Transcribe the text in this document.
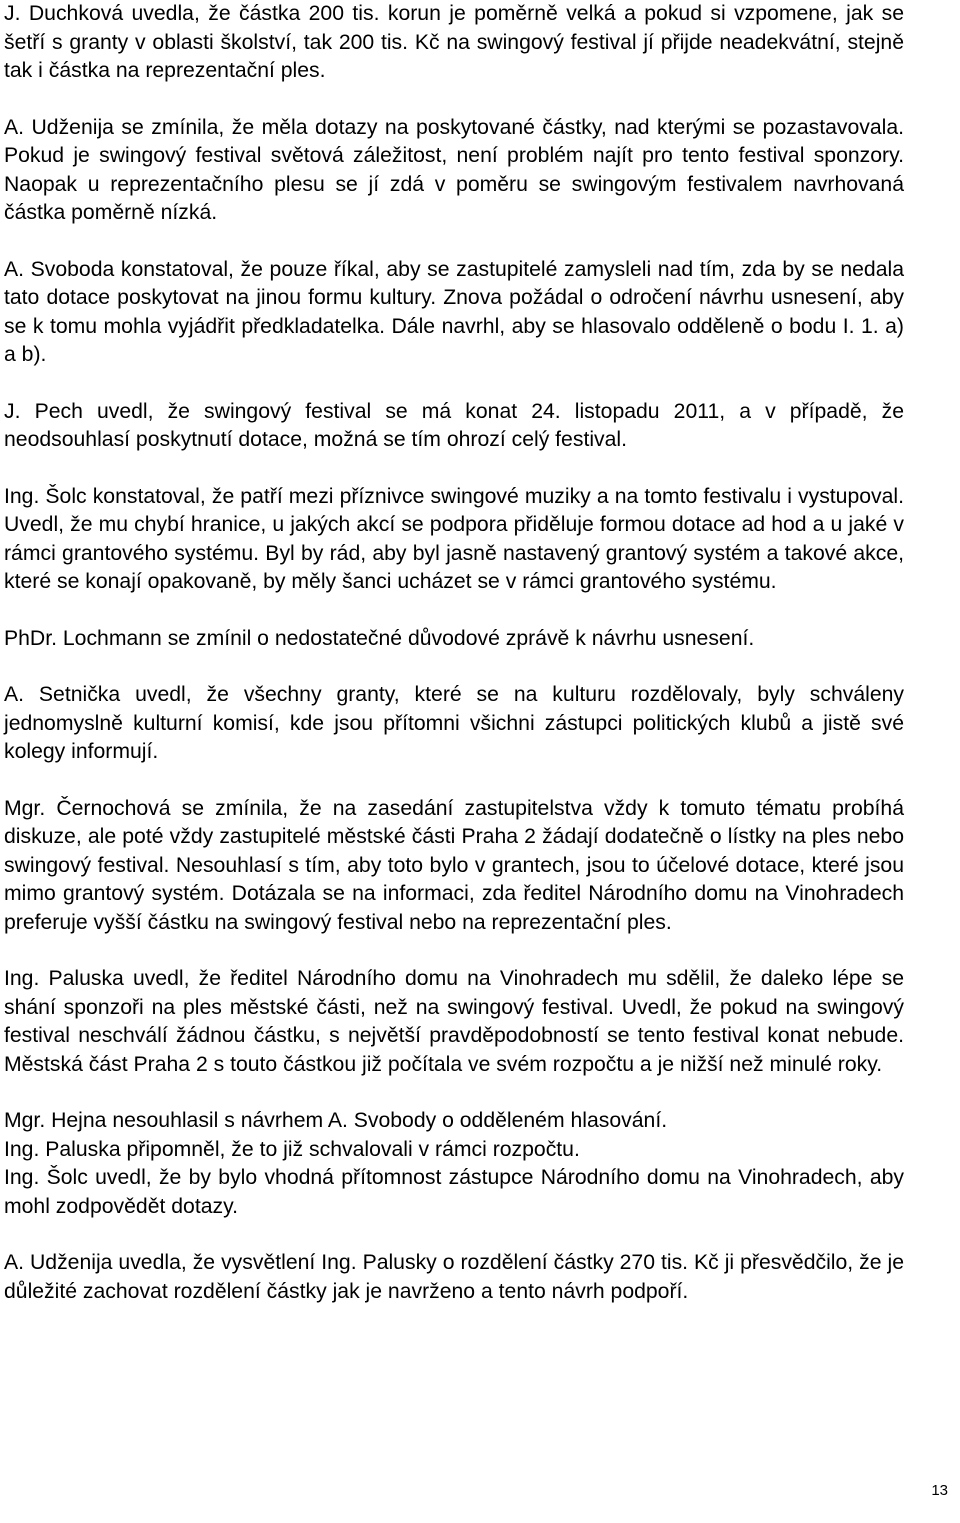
J. Duchková uvedla, že částka 200 tis. korun je poměrně velká a pokud si vzpomene, jak se šetří s granty v oblasti školství, tak 200 tis. Kč na swingový festival jí přijde neadekvátní, stejně tak i částka na reprezentační ples.

A. Udženija se zmínila, že měla dotazy na poskytované částky, nad kterými se pozastavovala. Pokud je swingový festival světová záležitost, není problém najít pro tento festival sponzory. Naopak u reprezentačního plesu se jí zdá v poměru se swingovým festivalem navrhovaná částka poměrně nízká.

A. Svoboda konstatoval, že pouze říkal, aby se zastupitelé zamysleli nad tím, zda by se nedala tato dotace poskytovat na jinou formu kultury. Znova požádal o odročení návrhu usnesení, aby se k tomu mohla vyjádřit předkladatelka. Dále navrhl, aby se hlasovalo odděleně o bodu I. 1. a) a b).

J. Pech uvedl, že swingový festival se má konat 24. listopadu 2011, a v případě, že neodsouhlasí poskytnutí dotace, možná se tím ohrozí celý festival.

Ing. Šolc konstatoval, že patří mezi příznivce swingové muziky a na tomto festivalu i vystupoval. Uvedl, že mu chybí hranice, u jakých akcí se podpora přiděluje formou dotace ad hod a u jaké v rámci grantového systému. Byl by rád, aby byl jasně nastavený grantový systém a takové akce, které se konají opakovaně, by měly šanci ucházet se v rámci grantového systému.

PhDr. Lochmann se zmínil o nedostatečné důvodové zprávě k návrhu usnesení.

A. Setnička uvedl, že všechny granty, které se na kulturu rozdělovaly, byly schváleny jednomyslně kulturní komisí, kde jsou přítomni všichni zástupci politických klubů a jistě své kolegy informují.

Mgr. Černochová se zmínila, že na zasedání zastupitelstva vždy k tomuto tématu probíhá diskuze, ale poté vždy zastupitelé městské části Praha 2 žádají dodatečně o lístky na ples nebo swingový festival. Nesouhlasí s tím, aby toto bylo v grantech, jsou to účelové dotace, které jsou mimo grantový systém. Dotázala se na informaci, zda ředitel Národního domu na Vinohradech preferuje vyšší částku na swingový festival nebo na reprezentační ples.

Ing. Paluska uvedl, že ředitel Národního domu na Vinohradech mu sdělil, že daleko lépe se shání sponzoři na ples městské části, než na swingový festival. Uvedl, že pokud na swingový festival neschválí žádnou částku, s největší pravděpodobností se tento festival konat nebude. Městská část Praha 2 s touto částkou již počítala ve svém rozpočtu a je nižší než minulé roky.

Mgr. Hejna nesouhlasil s návrhem A. Svobody o odděleném hlasování.

Ing. Paluska připomněl, že to již schvalovali v rámci rozpočtu.

Ing. Šolc uvedl, že by bylo vhodná přítomnost zástupce Národního domu na Vinohradech, aby mohl zodpovědět dotazy.

A. Udženija uvedla, že vysvětlení Ing. Palusky o rozdělení částky 270 tis. Kč ji přesvědčilo, že je důležité zachovat rozdělení částky jak je navrženo a tento návrh podpoří.

13
